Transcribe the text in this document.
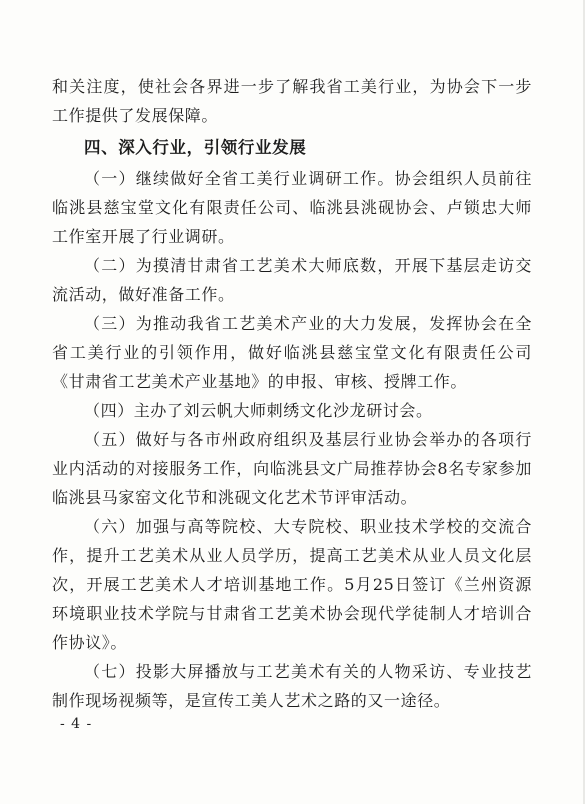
和关注度，使社会各界进一步了解我省工美行业，为协会下一步工作提供了发展保障。

四、深入行业，引领行业发展

（一）继续做好全省工美行业调研工作。协会组织人员前往临洮县慈宝堂文化有限责任公司、临洮县洮砚协会、卢锁忠大师工作室开展了行业调研。

（二）为摸清甘肃省工艺美术大师底数，开展下基层走访交流活动，做好准备工作。

（三）为推动我省工艺美术产业的大力发展，发挥协会在全省工美行业的引领作用，做好临洮县慈宝堂文化有限责任公司《甘肃省工艺美术产业基地》的申报、审核、授牌工作。

（四）主办了刘云帆大师刺绣文化沙龙研讨会。

（五）做好与各市州政府组织及基层行业协会举办的各项行业内活动的对接服务工作，向临洮县文广局推荐协会8名专家参加临洮县马家窑文化节和洮砚文化艺术节评审活动。

（六）加强与高等院校、大专院校、职业技术学校的交流合作，提升工艺美术从业人员学历，提高工艺美术从业人员文化层次，开展工艺美术人才培训基地工作。5月25日签订《兰州资源环境职业技术学院与甘肃省工艺美术协会现代学徒制人才培训合作协议》。

（七）投影大屏播放与工艺美术有关的人物采访、专业技艺制作现场视频等，是宣传工美人艺术之路的又一途径。

- 4 -
